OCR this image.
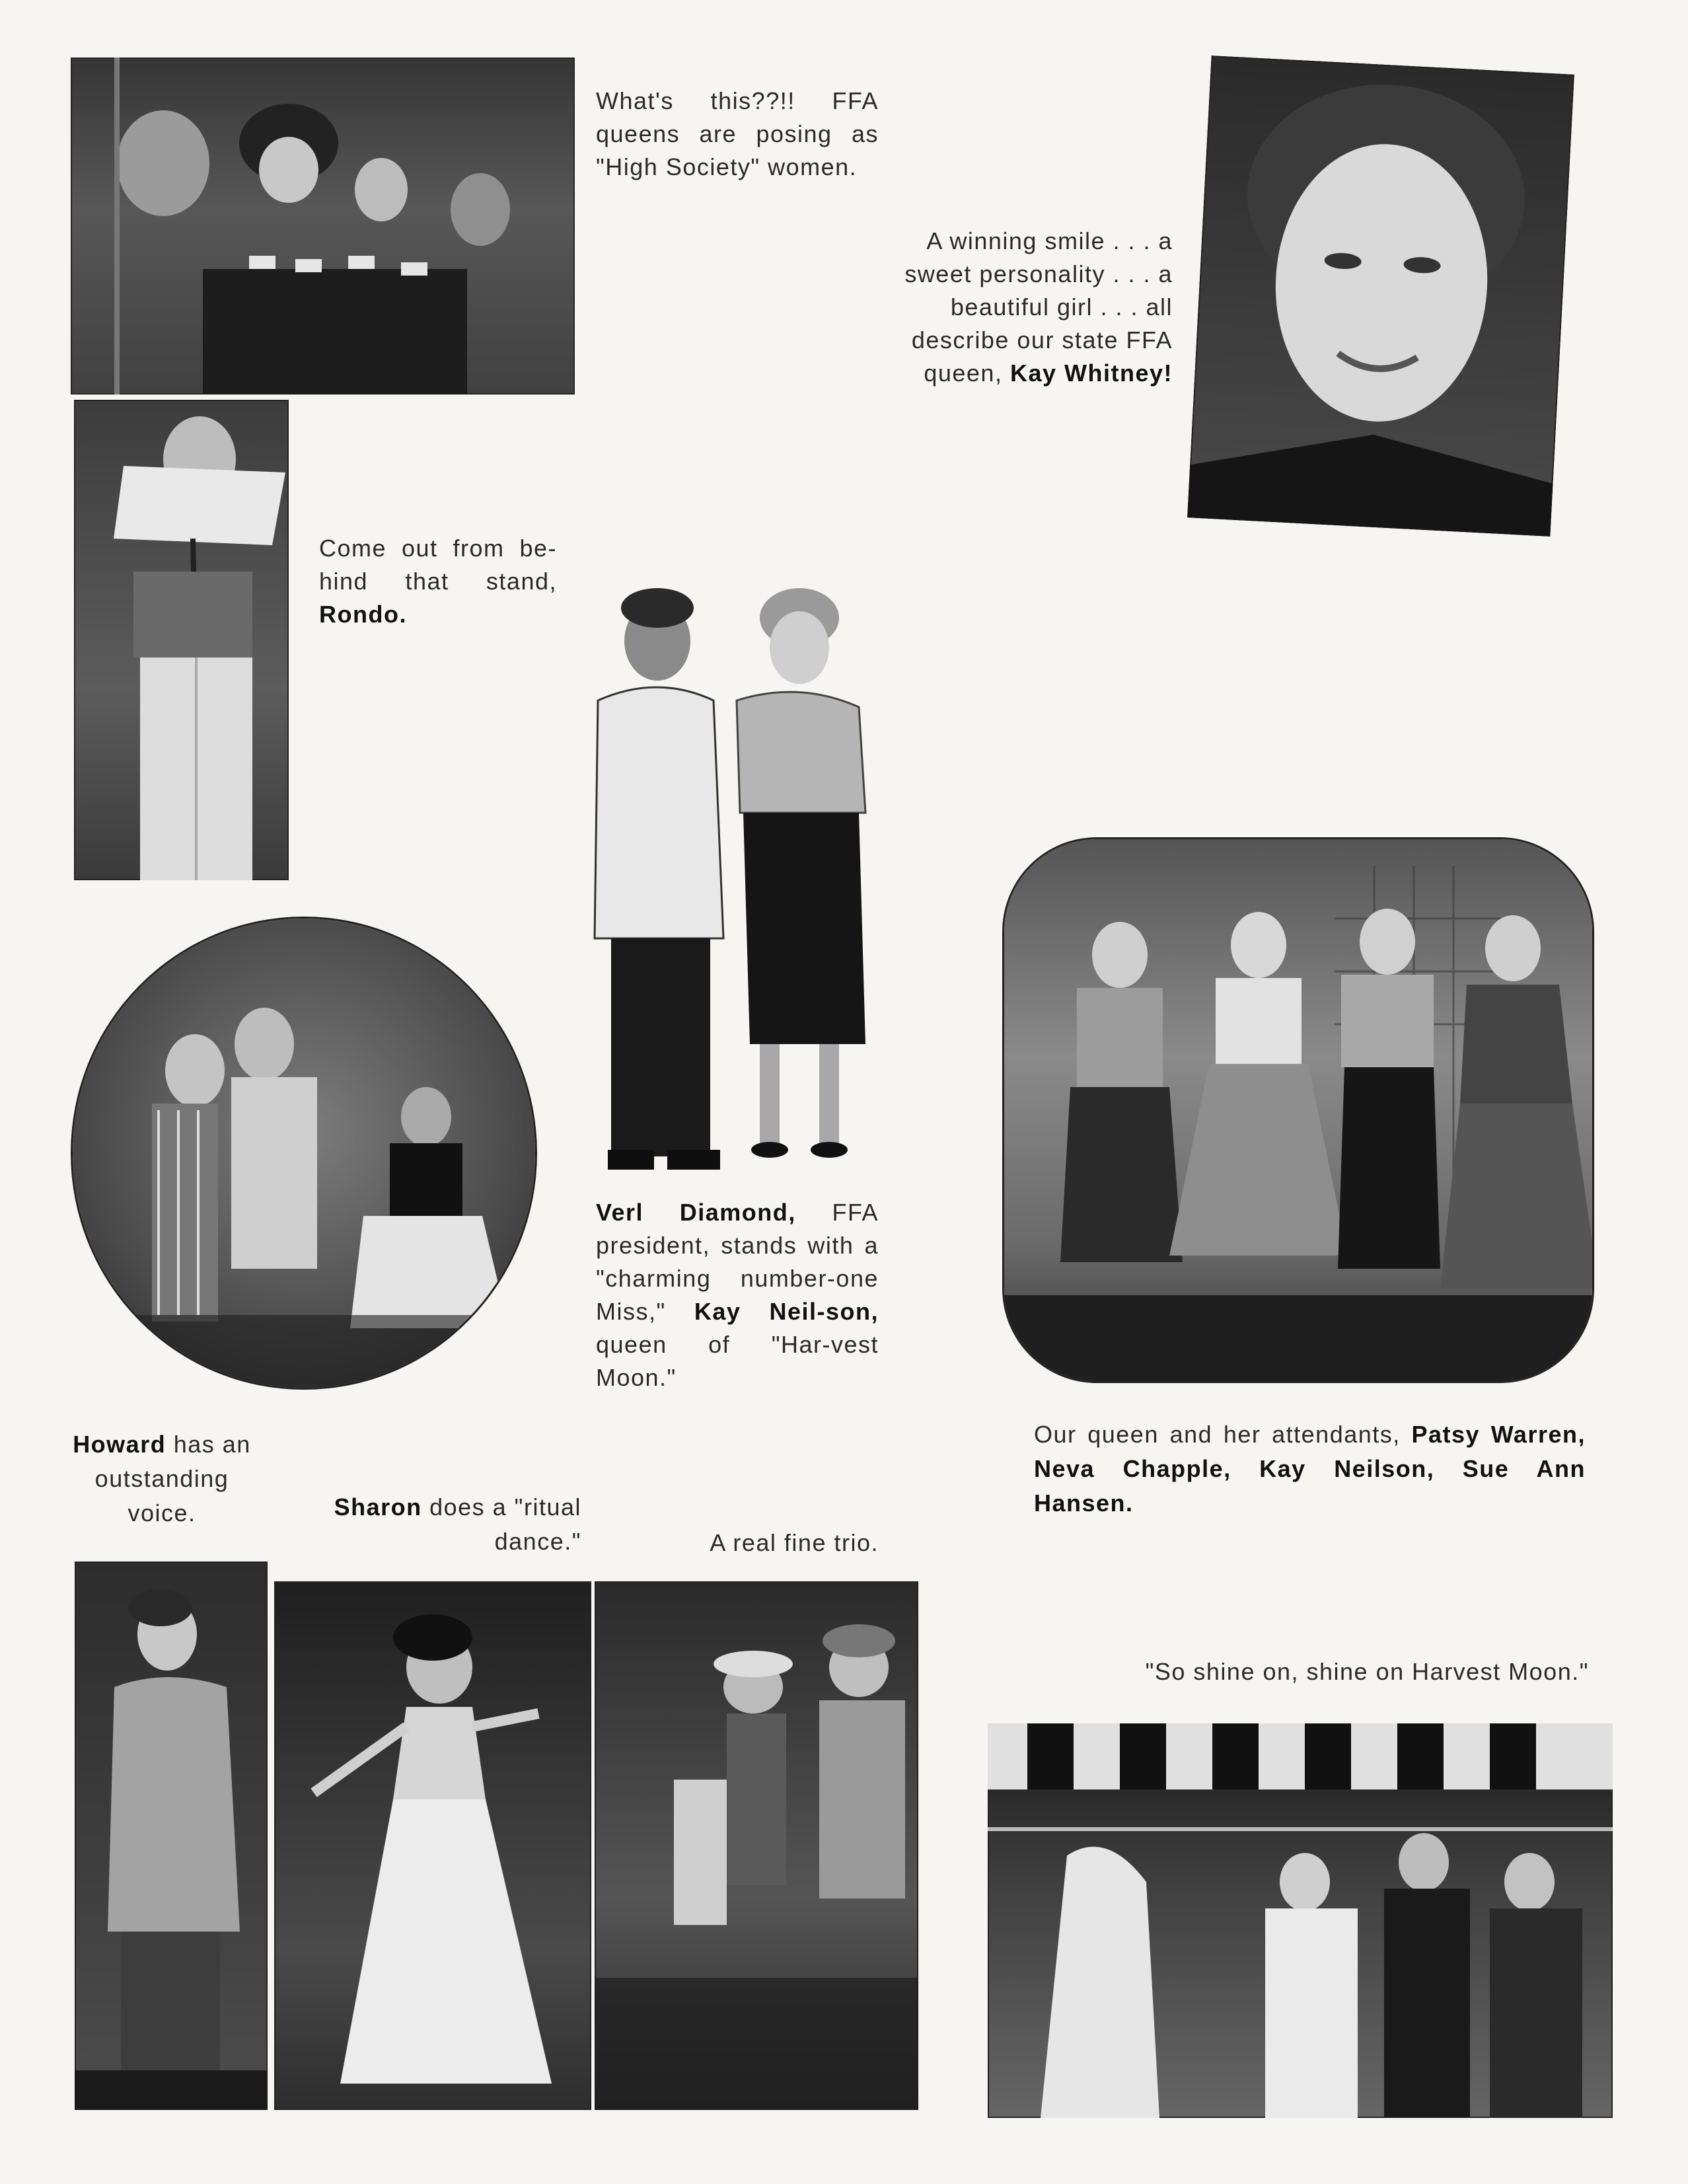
What's this??!! FFA queens are posing as "High Society" women.
A winning smile . . . a sweet personality . . . a beautiful girl . . . all describe our state FFA queen, Kay Whitney!
Come out from be-hind that stand, Rondo.
Verl Diamond, FFA president, stands with a "charming number-one Miss," Kay Neil-son, queen of "Har-vest Moon."
Our queen and her attendants, Patsy Warren, Neva Chapple, Kay Neilson, Sue Ann Hansen.
Howard has an outstanding voice.	Sharon does a "ritual dance."	A real fine trio.
"So shine on, shine on Harvest Moon."
